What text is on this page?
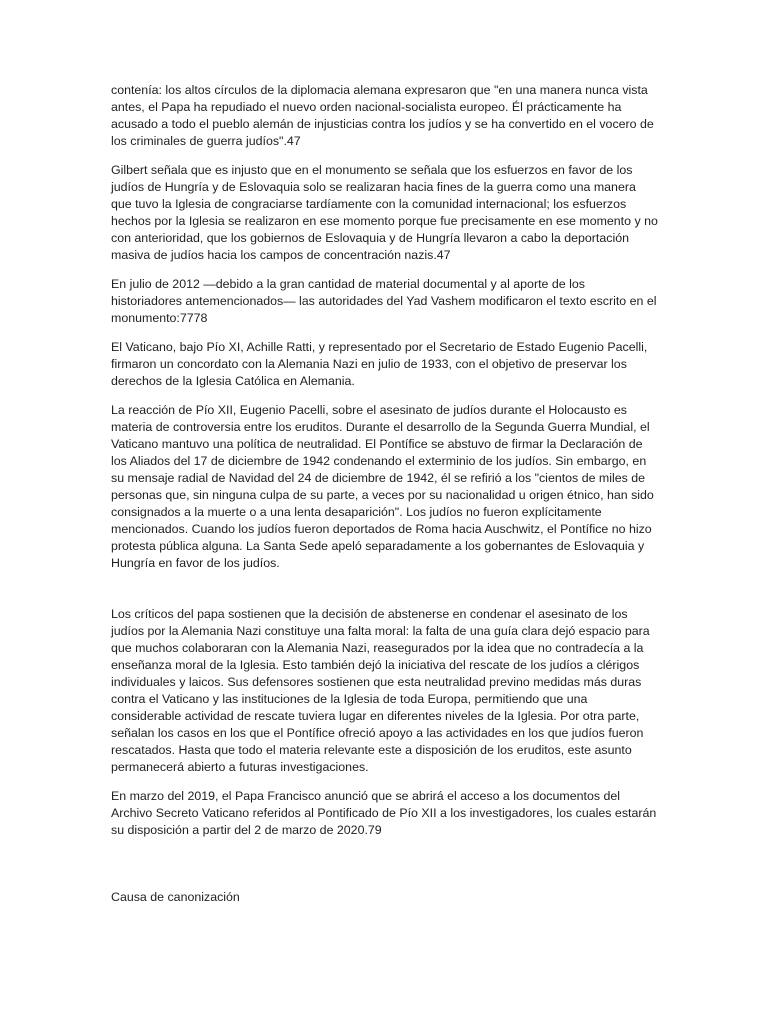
contenía: los altos círculos de la diplomacia alemana expresaron que "en una manera nunca vista antes, el Papa ha repudiado el nuevo orden nacional-socialista europeo. Él prácticamente ha acusado a todo el pueblo alemán de injusticias contra los judíos y se ha convertido en el vocero de los criminales de guerra judíos".47

Gilbert señala que es injusto que en el monumento se señala que los esfuerzos en favor de los judíos de Hungría y de Eslovaquia solo se realizaran hacia fines de la guerra como una manera que tuvo la Iglesia de congraciarse tardíamente con la comunidad internacional; los esfuerzos hechos por la Iglesia se realizaron en ese momento porque fue precisamente en ese momento y no con anterioridad, que los gobiernos de Eslovaquia y de Hungría llevaron a cabo la deportación masiva de judíos hacia los campos de concentración nazis.47

En julio de 2012 —debido a la gran cantidad de material documental y al aporte de los historiadores antemencionados— las autoridades del Yad Vashem modificaron el texto escrito en el monumento:7778

El Vaticano, bajo Pío XI, Achille Ratti, y representado por el Secretario de Estado Eugenio Pacelli, firmaron un concordato con la Alemania Nazi en julio de 1933, con el objetivo de preservar los derechos de la Iglesia Católica en Alemania.

La reacción de Pío XII, Eugenio Pacelli, sobre el asesinato de judíos durante el Holocausto es materia de controversia entre los eruditos. Durante el desarrollo de la Segunda Guerra Mundial, el Vaticano mantuvo una política de neutralidad. El Pontífice se abstuvo de firmar la Declaración de los Aliados del 17 de diciembre de 1942 condenando el exterminio de los judíos. Sin embargo, en su mensaje radial de Navidad del 24 de diciembre de 1942, él se refirió a los "cientos de miles de personas que, sin ninguna culpa de su parte, a veces por su nacionalidad u origen étnico, han sido consignados a la muerte o a una lenta desaparición". Los judíos no fueron explícitamente mencionados. Cuando los judíos fueron deportados de Roma hacia Auschwitz, el Pontífice no hizo protesta pública alguna. La Santa Sede apeló separadamente a los gobernantes de Eslovaquia y Hungría en favor de los judíos.

Los críticos del papa sostienen que la decisión de abstenerse en condenar el asesinato de los judíos por la Alemania Nazi constituye una falta moral: la falta de una guía clara dejó espacio para que muchos colaboraran con la Alemania Nazi, reasegurados por la idea que no contradecía a la enseñanza moral de la Iglesia. Esto también dejó la iniciativa del rescate de los judíos a clérigos individuales y laicos. Sus defensores sostienen que esta neutralidad previno medidas más duras contra el Vaticano y las instituciones de la Iglesia de toda Europa, permitiendo que una considerable actividad de rescate tuviera lugar en diferentes niveles de la Iglesia. Por otra parte, señalan los casos en los que el Pontífice ofreció apoyo a las actividades en los que judíos fueron rescatados. Hasta que todo el materia relevante este a disposición de los eruditos, este asunto permanecerá abierto a futuras investigaciones.

En marzo del 2019, el Papa Francisco anunció que se abrirá el acceso a los documentos del Archivo Secreto Vaticano referidos al Pontificado de Pío XII a los investigadores, los cuales estarán su disposición a partir del 2 de marzo de 2020.79

Causa de canonización
